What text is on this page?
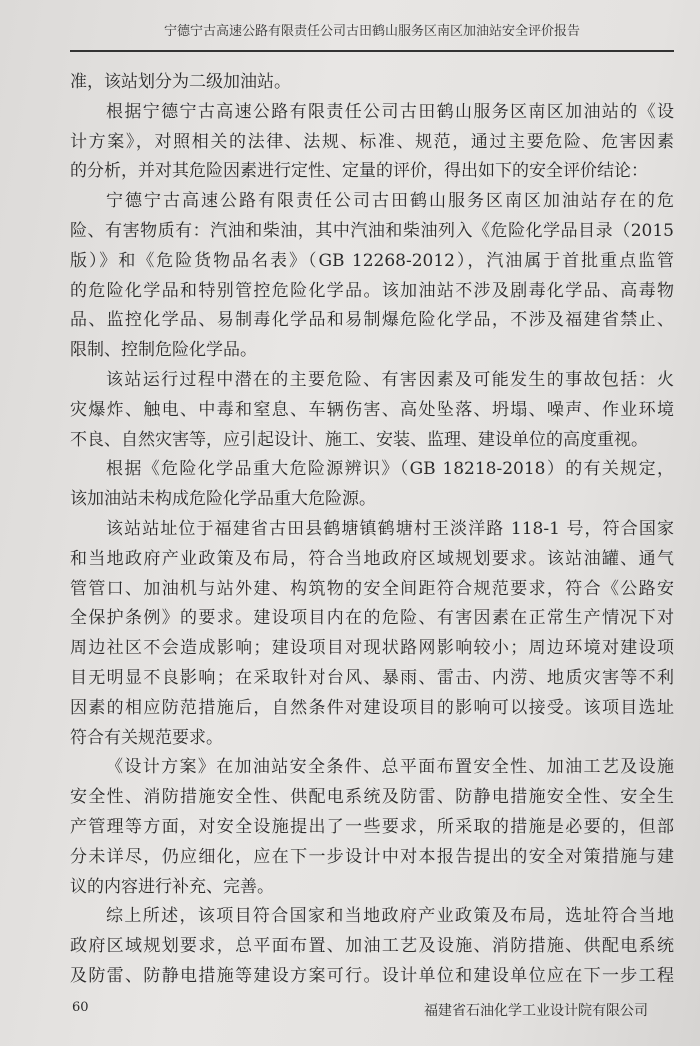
宁德宁古高速公路有限责任公司古田鹤山服务区南区加油站安全评价报告
准，该站划分为二级加油站。
根据宁德宁古高速公路有限责任公司古田鹤山服务区南区加油站的《设
计方案》，对照相关的法律、法规、标准、规范，通过主要危险、危害因素
的分析，并对其危险因素进行定性、定量的评价，得出如下的安全评价结论：
宁德宁古高速公路有限责任公司古田鹤山服务区南区加油站存在的危
险、有害物质有：汽油和柴油，其中汽油和柴油列入《危险化学品目录（2015
版）》和《危险货物品名表》（GB 12268-2012），汽油属于首批重点监管
的危险化学品和特别管控危险化学品。该加油站不涉及剧毒化学品、高毒物
品、监控化学品、易制毒化学品和易制爆危险化学品，不涉及福建省禁止、
限制、控制危险化学品。
该站运行过程中潜在的主要危险、有害因素及可能发生的事故包括：火
灾爆炸、触电、中毒和窒息、车辆伤害、高处坠落、坍塌、噪声、作业环境
不良、自然灾害等，应引起设计、施工、安装、监理、建设单位的高度重视。
根据《危险化学品重大危险源辨识》（GB 18218-2018）的有关规定，
该加油站未构成危险化学品重大危险源。
该站站址位于福建省古田县鹤塘镇鹤塘村王淡洋路 118-1 号，符合国家
和当地政府产业政策及布局，符合当地政府区域规划要求。该站油罐、通气
管管口、加油机与站外建、构筑物的安全间距符合规范要求，符合《公路安
全保护条例》的要求。建设项目内在的危险、有害因素在正常生产情况下对
周边社区不会造成影响；建设项目对现状路网影响较小；周边环境对建设项
目无明显不良影响；在采取针对台风、暴雨、雷击、内涝、地质灾害等不利
因素的相应防范措施后，自然条件对建设项目的影响可以接受。该项目选址
符合有关规范要求。
《设计方案》在加油站安全条件、总平面布置安全性、加油工艺及设施
安全性、消防措施安全性、供配电系统及防雷、防静电措施安全性、安全生
产管理等方面，对安全设施提出了一些要求，所采取的措施是必要的，但部
分未详尽，仍应细化，应在下一步设计中对本报告提出的安全对策措施与建
议的内容进行补充、完善。
综上所述，该项目符合国家和当地政府产业政策及布局，选址符合当地
政府区域规划要求，总平面布置、加油工艺及设施、消防措施、供配电系统
及防雷、防静电措施等建设方案可行。设计单位和建设单位应在下一步工程
60	福建省石油化学工业设计院有限公司
